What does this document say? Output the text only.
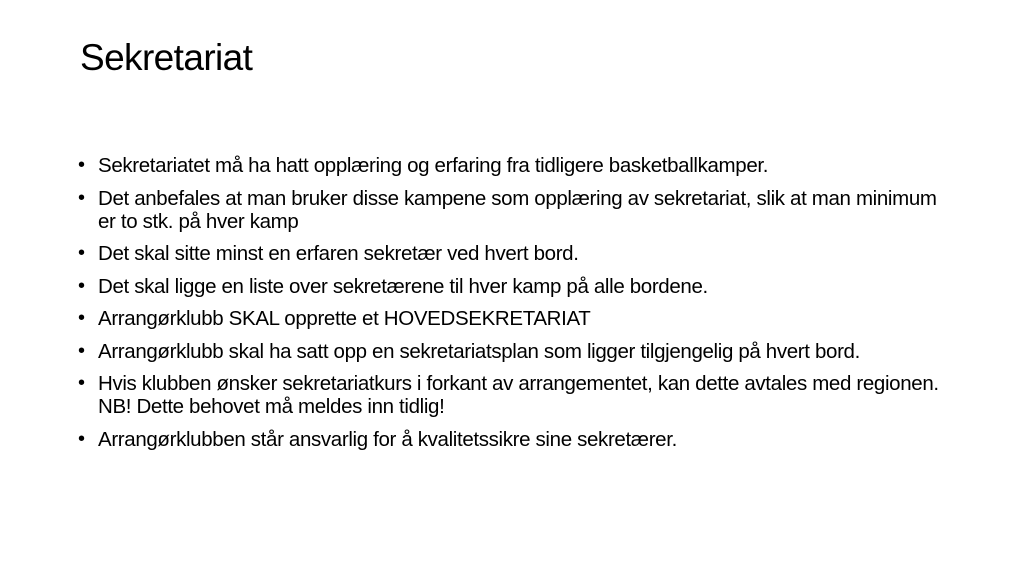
Sekretariat
• Sekretariatet må ha hatt opplæring og erfaring fra tidligere basketballkamper.
• Det anbefales at man bruker disse kampene som opplæring av sekretariat, slik at man minimum er to stk. på hver kamp
• Det skal sitte minst en erfaren sekretær ved hvert bord.
• Det skal ligge en liste over sekretærene til hver kamp på alle bordene.
• Arrangørklubb SKAL opprette et HOVEDSEKRETARIAT
• Arrangørklubb skal ha satt opp en sekretariatsplan som ligger tilgjengelig på hvert bord.
• Hvis klubben ønsker sekretariatkurs i forkant av arrangementet, kan dette avtales med regionen. NB! Dette behovet må meldes inn tidlig!
• Arrangørklubben står ansvarlig for å kvalitetssikre sine sekretærer.
